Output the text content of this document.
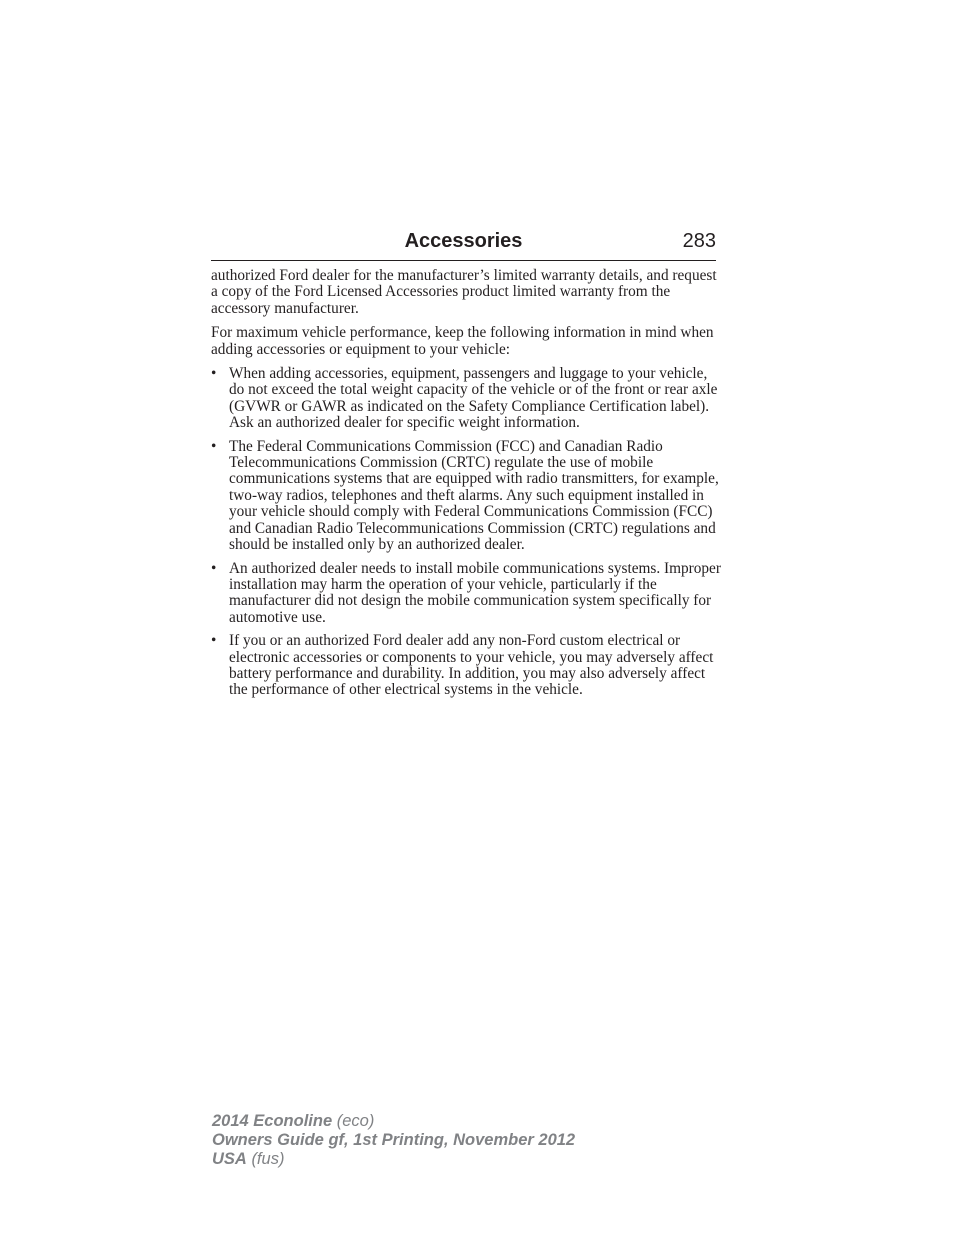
Accessories	283

authorized Ford dealer for the manufacturer’s limited warranty details, and request a copy of the Ford Licensed Accessories product limited warranty from the accessory manufacturer.

For maximum vehicle performance, keep the following information in mind when adding accessories or equipment to your vehicle:

• When adding accessories, equipment, passengers and luggage to your vehicle, do not exceed the total weight capacity of the vehicle or of the front or rear axle (GVWR or GAWR as indicated on the Safety Compliance Certification label). Ask an authorized dealer for specific weight information.
• The Federal Communications Commission (FCC) and Canadian Radio Telecommunications Commission (CRTC) regulate the use of mobile communications systems that are equipped with radio transmitters, for example, two-way radios, telephones and theft alarms. Any such equipment installed in your vehicle should comply with Federal Communications Commission (FCC) and Canadian Radio Telecommunications Commission (CRTC) regulations and should be installed only by an authorized dealer.
• An authorized dealer needs to install mobile communications systems. Improper installation may harm the operation of your vehicle, particularly if the manufacturer did not design the mobile communication system specifically for automotive use.
• If you or an authorized Ford dealer add any non-Ford custom electrical or electronic accessories or components to your vehicle, you may adversely affect battery performance and durability. In addition, you may also adversely affect the performance of other electrical systems in the vehicle.
2014 Econoline (eco)
Owners Guide gf, 1st Printing, November 2012
USA (fus)
